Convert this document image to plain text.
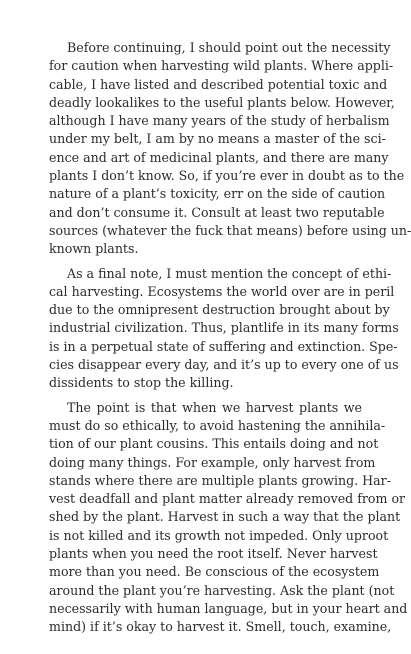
Before continuing, I should point out the necessity
for caution when harvesting wild plants. Where appli-
cable, I have listed and described potential toxic and
deadly lookalikes to the useful plants below. However,
although I have many years of the study of herbalism
under my belt, I am by no means a master of the sci-
ence and art of medicinal plants, and there are many
plants I don’t know. So, if you’re ever in doubt as to the
nature of a plant’s toxicity, err on the side of caution
and don’t consume it. Consult at least two reputable
sources (whatever the fuck that means) before using un-
known plants.

As a final note, I must mention the concept of ethi-
cal harvesting. Ecosystems the world over are in peril
due to the omnipresent destruction brought about by
industrial civilization. Thus, plantlife in its many forms
is in a perpetual state of suffering and extinction. Spe-
cies disappear every day, and it’s up to every one of us
dissidents to stop the killing.

The point is that when we harvest plants we
must do so ethically, to avoid hastening the annihila-
tion of our plant cousins. This entails doing and not
doing many things. For example, only harvest from
stands where there are multiple plants growing. Har-
vest deadfall and plant matter already removed from or
shed by the plant. Harvest in such a way that the plant
is not killed and its growth not impeded. Only uproot
plants when you need the root itself. Never harvest
more than you need. Be conscious of the ecosystem
around the plant you’re harvesting. Ask the plant (not
necessarily with human language, but in your heart and
mind) if it’s okay to harvest it. Smell, touch, examine,
